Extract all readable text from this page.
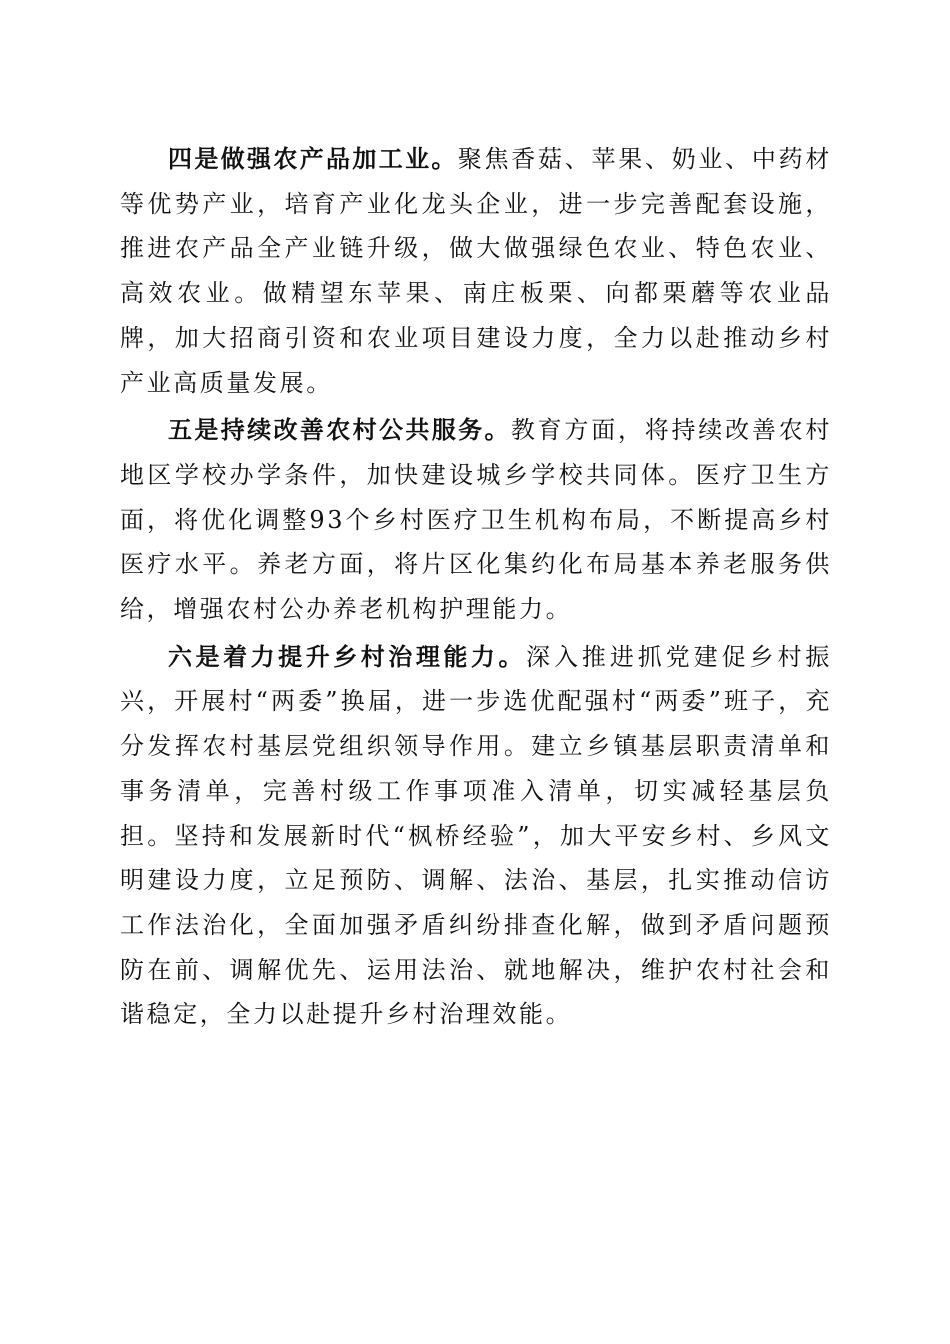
四是做强农产品加工业。聚焦香菇、苹果、奶业、中药材等优势产业，培育产业化龙头企业，进一步完善配套设施，推进农产品全产业链升级，做大做强绿色农业、特色农业、高效农业。做精望东苹果、南庄板栗、向都栗蘑等农业品牌，加大招商引资和农业项目建设力度，全力以赴推动乡村产业高质量发展。

五是持续改善农村公共服务。教育方面，将持续改善农村地区学校办学条件，加快建设城乡学校共同体。医疗卫生方面，将优化调整93个乡村医疗卫生机构布局，不断提高乡村医疗水平。养老方面，将片区化集约化布局基本养老服务供给，增强农村公办养老机构护理能力。

六是着力提升乡村治理能力。深入推进抓党建促乡村振兴，开展村“两委”换届，进一步选优配强村“两委”班子，充分发挥农村基层党组织领导作用。建立乡镇基层职责清单和事务清单，完善村级工作事项准入清单，切实减轻基层负担。坚持和发展新时代“枫桥经验”，加大平安乡村、乡风文明建设力度，立足预防、调解、法治、基层，扎实推动信访工作法治化，全面加强矛盾纠纷排查化解，做到矛盾问题预防在前、调解优先、运用法治、就地解决，维护农村社会和谐稳定，全力以赴提升乡村治理效能。
